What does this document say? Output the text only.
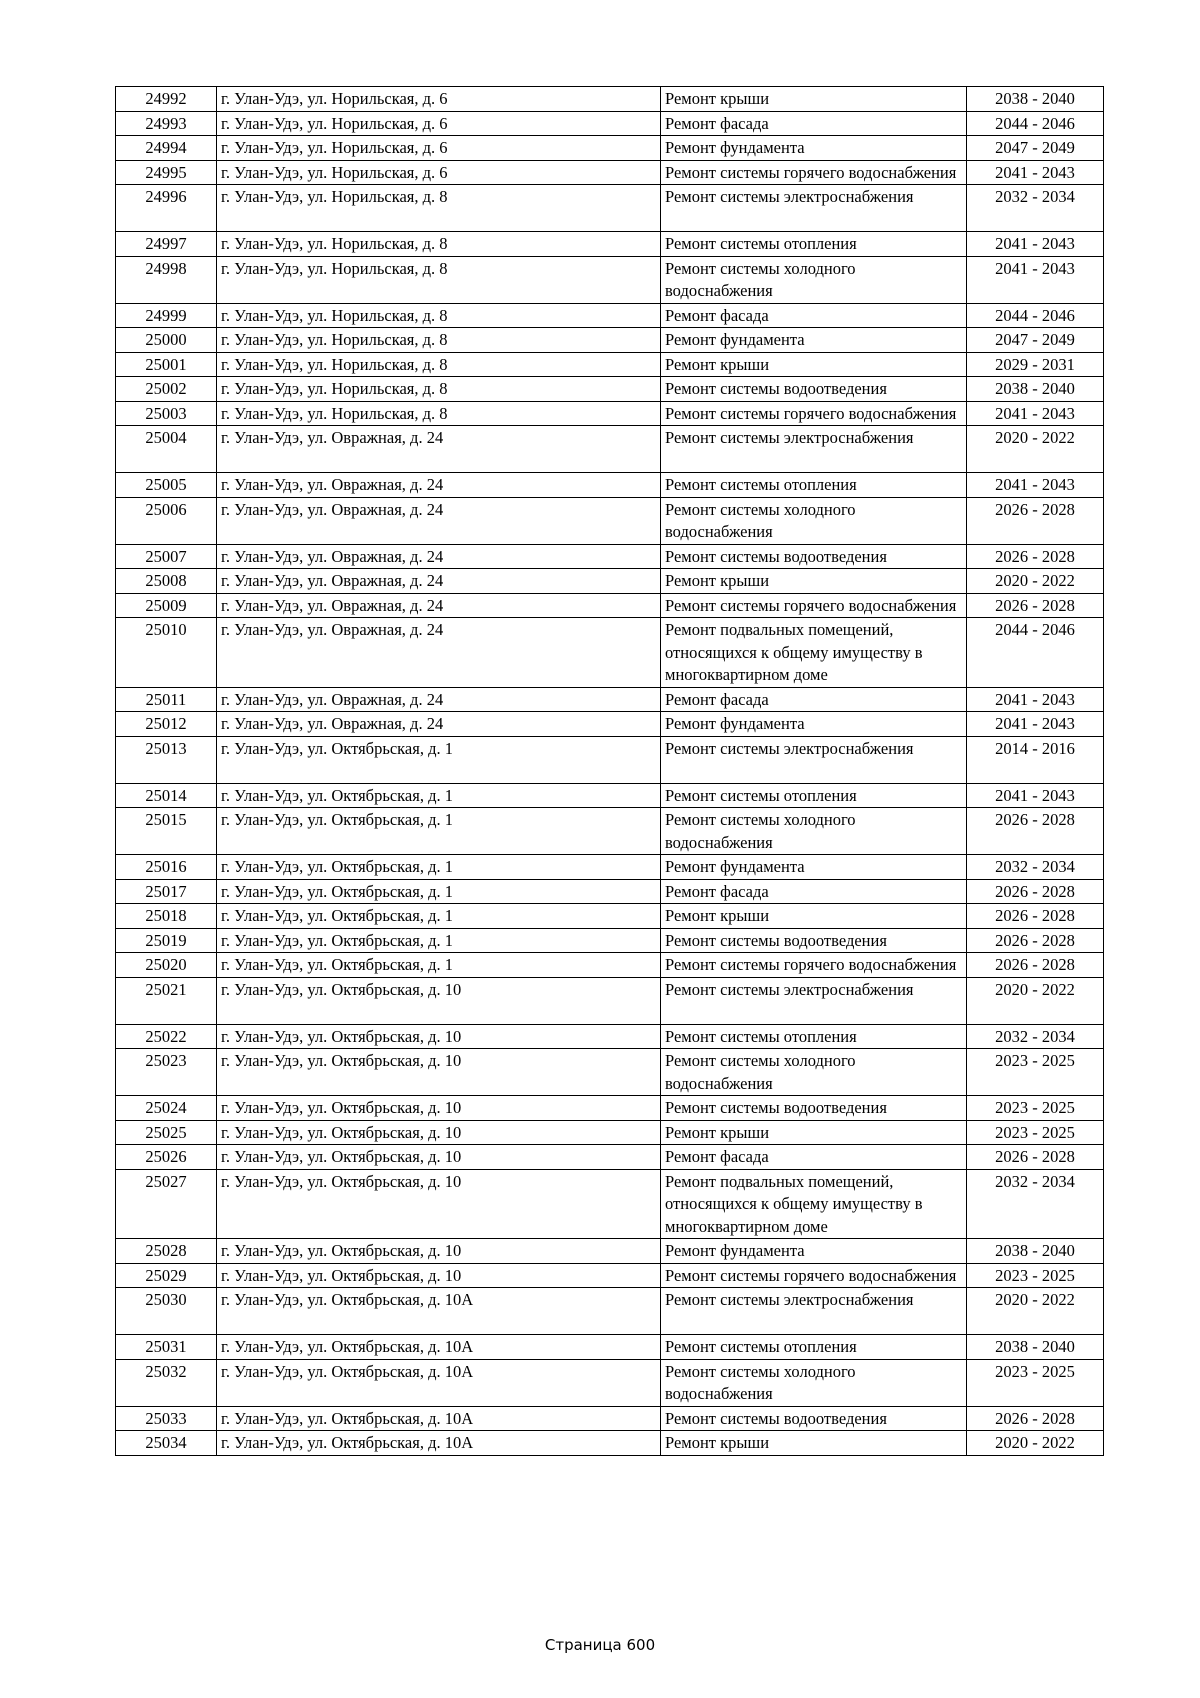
24992	г. Улан-Удэ, ул. Норильская, д. 6	Ремонт крыши	2038 - 2040
24993	г. Улан-Удэ, ул. Норильская, д. 6	Ремонт фасада	2044 - 2046
24994	г. Улан-Удэ, ул. Норильская, д. 6	Ремонт фундамента	2047 - 2049
24995	г. Улан-Удэ, ул. Норильская, д. 6	Ремонт системы горячего водоснабжения	2041 - 2043
24996	г. Улан-Удэ, ул. Норильская, д. 8	Ремонт системы электроснабжения	2032 - 2034
24997	г. Улан-Удэ, ул. Норильская, д. 8	Ремонт системы отопления	2041 - 2043
24998	г. Улан-Удэ, ул. Норильская, д. 8	Ремонт системы холодного водоснабжения	2041 - 2043
24999	г. Улан-Удэ, ул. Норильская, д. 8	Ремонт фасада	2044 - 2046
25000	г. Улан-Удэ, ул. Норильская, д. 8	Ремонт фундамента	2047 - 2049
25001	г. Улан-Удэ, ул. Норильская, д. 8	Ремонт крыши	2029 - 2031
25002	г. Улан-Удэ, ул. Норильская, д. 8	Ремонт системы водоотведения	2038 - 2040
25003	г. Улан-Удэ, ул. Норильская, д. 8	Ремонт системы горячего водоснабжения	2041 - 2043
25004	г. Улан-Удэ, ул. Овражная, д. 24	Ремонт системы электроснабжения	2020 - 2022
25005	г. Улан-Удэ, ул. Овражная, д. 24	Ремонт системы отопления	2041 - 2043
25006	г. Улан-Удэ, ул. Овражная, д. 24	Ремонт системы холодного водоснабжения	2026 - 2028
25007	г. Улан-Удэ, ул. Овражная, д. 24	Ремонт системы водоотведения	2026 - 2028
25008	г. Улан-Удэ, ул. Овражная, д. 24	Ремонт крыши	2020 - 2022
25009	г. Улан-Удэ, ул. Овражная, д. 24	Ремонт системы горячего водоснабжения	2026 - 2028
25010	г. Улан-Удэ, ул. Овражная, д. 24	Ремонт подвальных помещений, относящихся к общему имуществу в многоквартирном доме	2044 - 2046
25011	г. Улан-Удэ, ул. Овражная, д. 24	Ремонт фасада	2041 - 2043
25012	г. Улан-Удэ, ул. Овражная, д. 24	Ремонт фундамента	2041 - 2043
25013	г. Улан-Удэ, ул. Октябрьская, д. 1	Ремонт системы электроснабжения	2014 - 2016
25014	г. Улан-Удэ, ул. Октябрьская, д. 1	Ремонт системы отопления	2041 - 2043
25015	г. Улан-Удэ, ул. Октябрьская, д. 1	Ремонт системы холодного водоснабжения	2026 - 2028
25016	г. Улан-Удэ, ул. Октябрьская, д. 1	Ремонт фундамента	2032 - 2034
25017	г. Улан-Удэ, ул. Октябрьская, д. 1	Ремонт фасада	2026 - 2028
25018	г. Улан-Удэ, ул. Октябрьская, д. 1	Ремонт крыши	2026 - 2028
25019	г. Улан-Удэ, ул. Октябрьская, д. 1	Ремонт системы водоотведения	2026 - 2028
25020	г. Улан-Удэ, ул. Октябрьская, д. 1	Ремонт системы горячего водоснабжения	2026 - 2028
25021	г. Улан-Удэ, ул. Октябрьская, д. 10	Ремонт системы электроснабжения	2020 - 2022
25022	г. Улан-Удэ, ул. Октябрьская, д. 10	Ремонт системы отопления	2032 - 2034
25023	г. Улан-Удэ, ул. Октябрьская, д. 10	Ремонт системы холодного водоснабжения	2023 - 2025
25024	г. Улан-Удэ, ул. Октябрьская, д. 10	Ремонт системы водоотведения	2023 - 2025
25025	г. Улан-Удэ, ул. Октябрьская, д. 10	Ремонт крыши	2023 - 2025
25026	г. Улан-Удэ, ул. Октябрьская, д. 10	Ремонт фасада	2026 - 2028
25027	г. Улан-Удэ, ул. Октябрьская, д. 10	Ремонт подвальных помещений, относящихся к общему имуществу в многоквартирном доме	2032 - 2034
25028	г. Улан-Удэ, ул. Октябрьская, д. 10	Ремонт фундамента	2038 - 2040
25029	г. Улан-Удэ, ул. Октябрьская, д. 10	Ремонт системы горячего водоснабжения	2023 - 2025
25030	г. Улан-Удэ, ул. Октябрьская, д. 10А	Ремонт системы электроснабжения	2020 - 2022
25031	г. Улан-Удэ, ул. Октябрьская, д. 10А	Ремонт системы отопления	2038 - 2040
25032	г. Улан-Удэ, ул. Октябрьская, д. 10А	Ремонт системы холодного водоснабжения	2023 - 2025
25033	г. Улан-Удэ, ул. Октябрьская, д. 10А	Ремонт системы водоотведения	2026 - 2028
25034	г. Улан-Удэ, ул. Октябрьская, д. 10А	Ремонт крыши	2020 - 2022
Страница 600
